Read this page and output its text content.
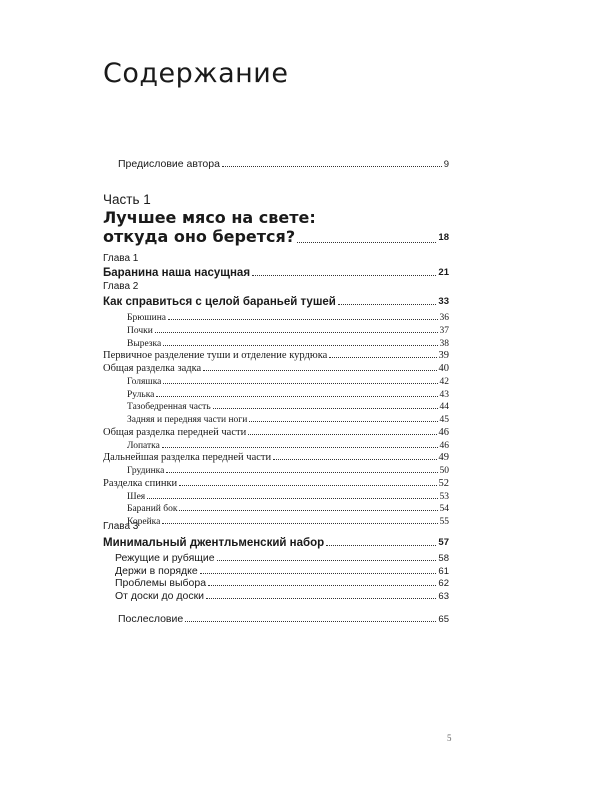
Содержание
Предисловие автора	9
Часть 1
Лучшее мясо на свете:
откуда оно берется?	18
Глава 1
Баранина наша насущная	21
Глава 2
Как справиться с целой бараньей тушей	33
Брюшина	36
Почки	37
Вырезка	38
Первичное разделение туши и отделение курдюка	39
Общая разделка задка	40
Голяшка	42
Рулька	43
Тазобедренная часть	44
Задняя и передняя части ноги	45
Общая разделка передней части	46
Лопатка	46
Дальнейшая разделка передней части	49
Грудинка	50
Разделка спинки	52
Шея	53
Бараний бок	54
Корейка	55
Глава 3
Минимальный джентльменский набор	57
Режущие и рубящие	58
Держи в порядке	61
Проблемы выбора	62
От доски до доски	63
Послесловие	65
5
